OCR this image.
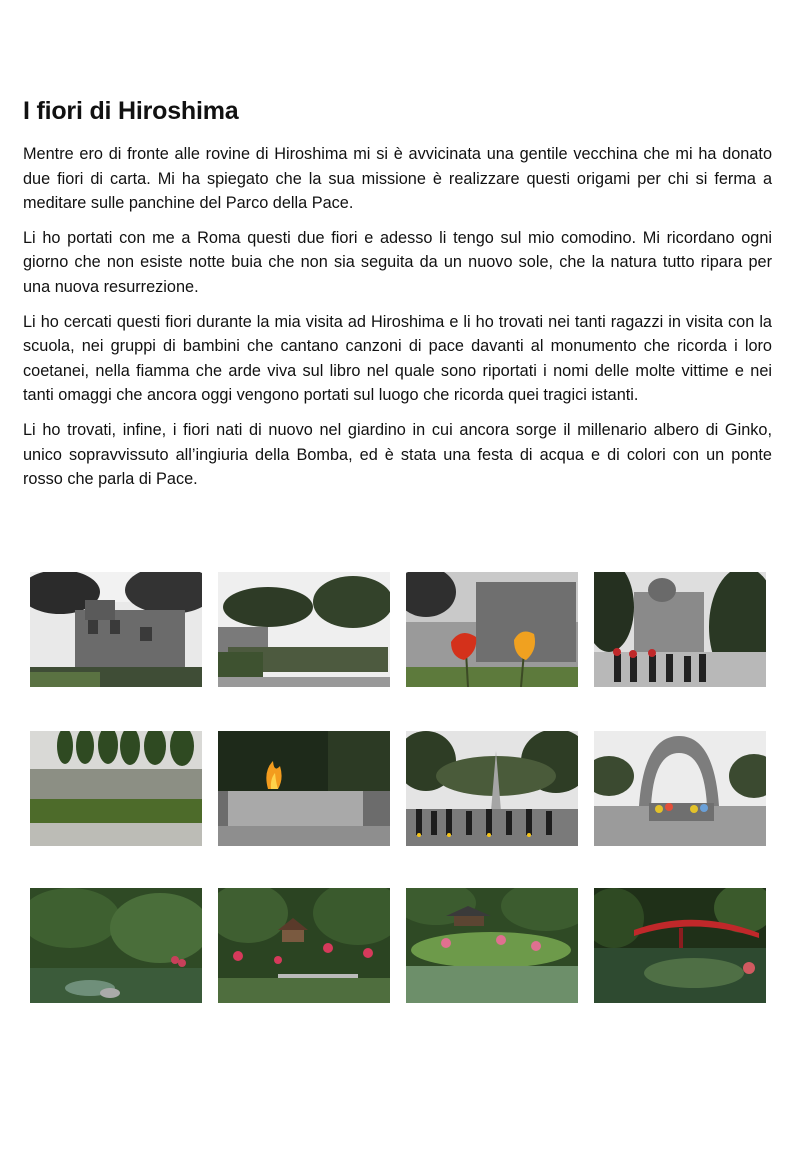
I fiori di Hiroshima

Mentre ero di fronte alle rovine di Hiroshima mi si è avvicinata una gentile vecchina che mi ha donato due fiori di carta. Mi ha spiegato che la sua missione è realizzare questi origami per chi si ferma a meditare sulle panchine del Parco della Pace.

Li ho portati con me a Roma questi due fiori e adesso li tengo sul mio comodino. Mi ricordano ogni giorno che non esiste notte buia che non sia seguita da un nuovo sole, che la natura tutto ripara per una nuova resurrezione.

Li ho cercati questi fiori durante la mia visita ad Hiroshima e li ho trovati nei tanti ragazzi in visita con la scuola, nei gruppi di bambini che cantano canzoni di pace davanti al monumento che ricorda i loro coetanei, nella fiamma che arde viva sul libro nel quale sono riportati i nomi delle molte vittime e nei tanti omaggi che ancora oggi vengono portati sul luogo che ricorda quei tragici istanti.

Li ho trovati, infine, i fiori nati di nuovo nel giardino in cui ancora sorge il millenario albero di Ginko, unico sopravvissuto all’ingiuria della Bomba, ed è stata una festa di acqua e di colori con un ponte rosso che parla di Pace.
